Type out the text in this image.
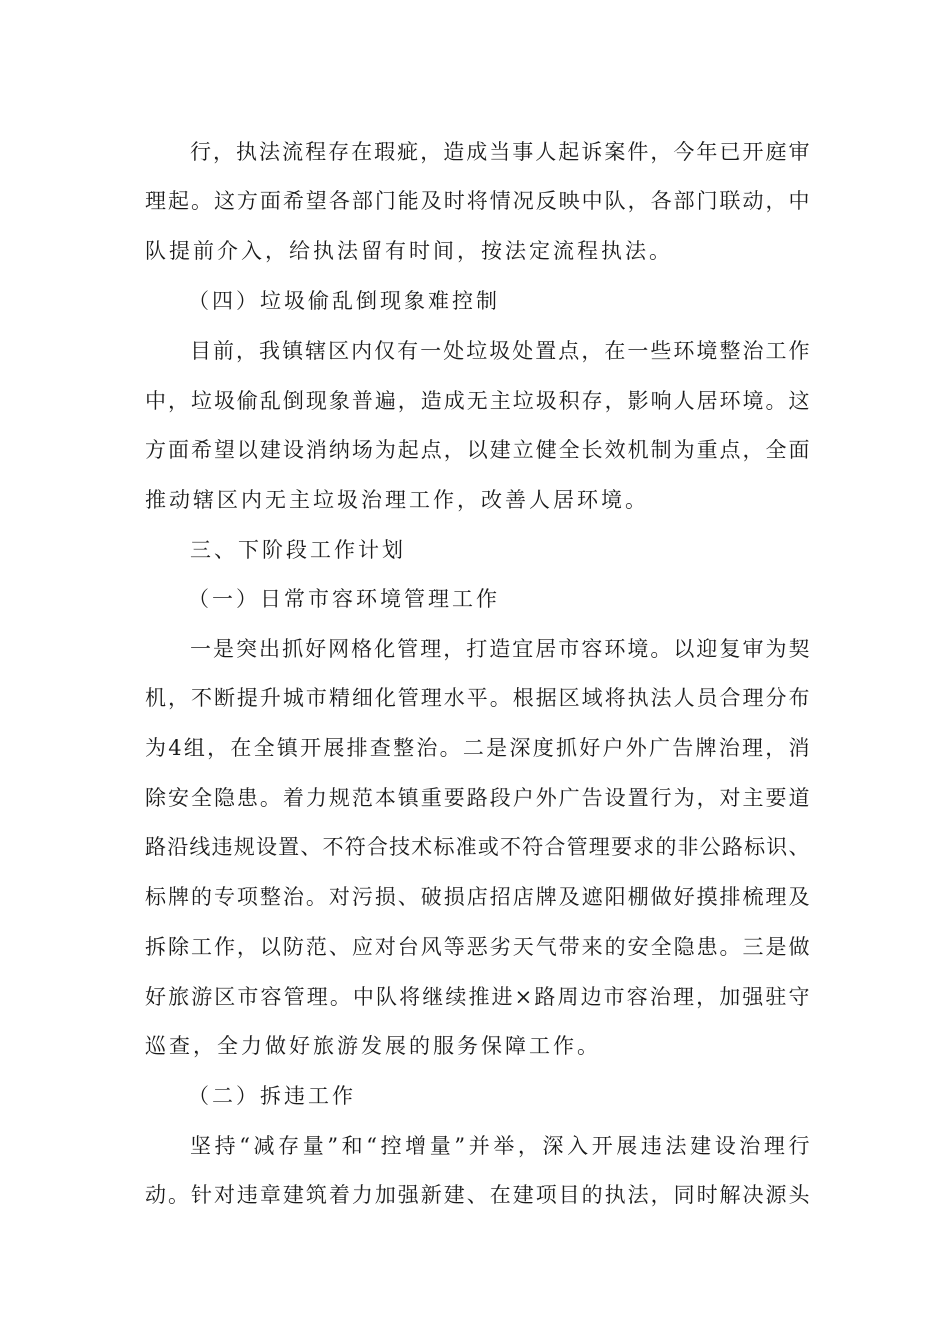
行，执法流程存在瑕疵，造成当事人起诉案件，今年已开庭审
理起。这方面希望各部门能及时将情况反映中队，各部门联动，中
队提前介入，给执法留有时间，按法定流程执法。
（四）垃圾偷乱倒现象难控制
目前，我镇辖区内仅有一处垃圾处置点，在一些环境整治工作
中，垃圾偷乱倒现象普遍，造成无主垃圾积存，影响人居环境。这
方面希望以建设消纳场为起点，以建立健全长效机制为重点，全面
推动辖区内无主垃圾治理工作，改善人居环境。
三、下阶段工作计划
（一）日常市容环境管理工作
一是突出抓好网格化管理，打造宜居市容环境。以迎复审为契
机，不断提升城市精细化管理水平。根据区域将执法人员合理分布
为4组，在全镇开展排查整治。二是深度抓好户外广告牌治理，消
除安全隐患。着力规范本镇重要路段户外广告设置行为，对主要道
路沿线违规设置、不符合技术标准或不符合管理要求的非公路标识、
标牌的专项整治。对污损、破损店招店牌及遮阳棚做好摸排梳理及
拆除工作，以防范、应对台风等恶劣天气带来的安全隐患。三是做
好旅游区市容管理。中队将继续推进×路周边市容治理，加强驻守
巡查，全力做好旅游发展的服务保障工作。
（二）拆违工作
坚持“减存量”和“控增量”并举，深入开展违法建设治理行
动。针对违章建筑着力加强新建、在建项目的执法，同时解决源头
